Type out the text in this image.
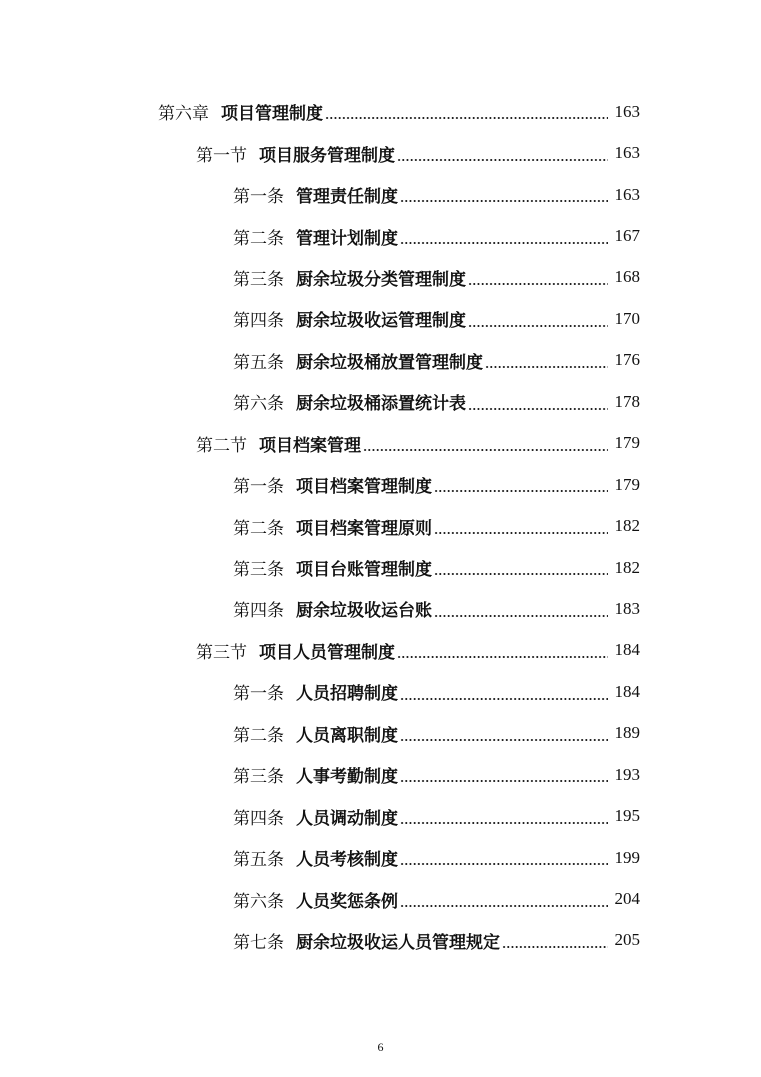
第六章 项目管理制度	163
第一节 项目服务管理制度	163
第一条 管理责任制度	163
第二条 管理计划制度	167
第三条 厨余垃圾分类管理制度	168
第四条 厨余垃圾收运管理制度	170
第五条 厨余垃圾桶放置管理制度	176
第六条 厨余垃圾桶添置统计表	178
第二节 项目档案管理	179
第一条 项目档案管理制度	179
第二条 项目档案管理原则	182
第三条 项目台账管理制度	182
第四条 厨余垃圾收运台账	183
第三节 项目人员管理制度	184
第一条 人员招聘制度	184
第二条 人员离职制度	189
第三条 人事考勤制度	193
第四条 人员调动制度	195
第五条 人员考核制度	199
第六条 人员奖惩条例	204
第七条 厨余垃圾收运人员管理规定	205
6
